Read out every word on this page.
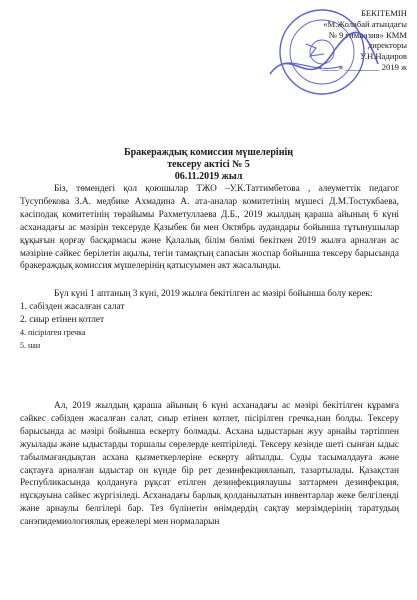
БЕКІТЕМІН
«М.Жолабай атындағы
№ 9 гимназия» КММ
директоры
У.Н.Надиров
«____» ________ 2019 ж
Бракераждық комиссия мүшелерінің
тексеру актісі № 5
06.11.2019 жыл
Біз, төмендегі қол қоюшылар ТЖО –У.К.Таттимбетова , әлеуметтік педагог Тусупбекова З.А. медбике Ахмадина А. ата-аналар комитетінің мүшесі Д.М.Тостукбаева, кәсіподақ комитетінің төрайымы Рахметуллаева Д.Б., 2019 жылдың қараша айының 6 күні асханадағы ас мәзірін тексеруде Қазыбек би мен Октябрь аудандары бойынша тұтынушылар құқығын қорғау басқармасы және Қалалық білім бөлімі бекіткен 2019 жылға арналған ас мәзіріне сәйкес берілетін ақылы, тегін тамақтың сапасын жоспар бойынша тексеру барысында бракераждық комиссия мүшелерінің қатысуымен акт жасалынды.
Бүл күні 1 аптаның 3 күні, 2019 жылға бекітілген ас мәзірі бойынша болу керек:
1. сәбізден жасалған салат
2. сиыр етінен котлет
4. пісірілген гречка
5. нан
Ал, 2019 жылдың қараша айының 6 күні асханадағы ас мәзірі бекітілген кұрамға сәйкес сәбізден жасалған салат, сиыр етінен котлет, пісірілген гречка,нан болды. Тексеру барысында ас мәзірі бойынша ескерту болмады. Асхана ыдыстарын жуу арнайы тәртіппен жуылады және ыдыстарды торшалы сөрелерде кептіріледі. Тексеру кезінде шеті сынған ыдыс табылмағандықтан асхана қызметкерлеріне ескерту айтылды. Суды тасымалдауға және сақтауға арналған ыдыстар он күнде бір рет дезинфекцияланып, тазартылады. Қазақстан Республикасында қолдануға рұқсат етілген дезинфекциялаушы заттармен дезинфекция, нұсқауына сәйкес жүргізіледі. Асханадағы барлық қолданылатын инвентарлар жеке белгіленді және арнаулы белгілері бар. Тез бүлінетін өнімдердің сақтау мерзімдерінің таратудың санэпидемиологиялық ережелері мен нормаларын
